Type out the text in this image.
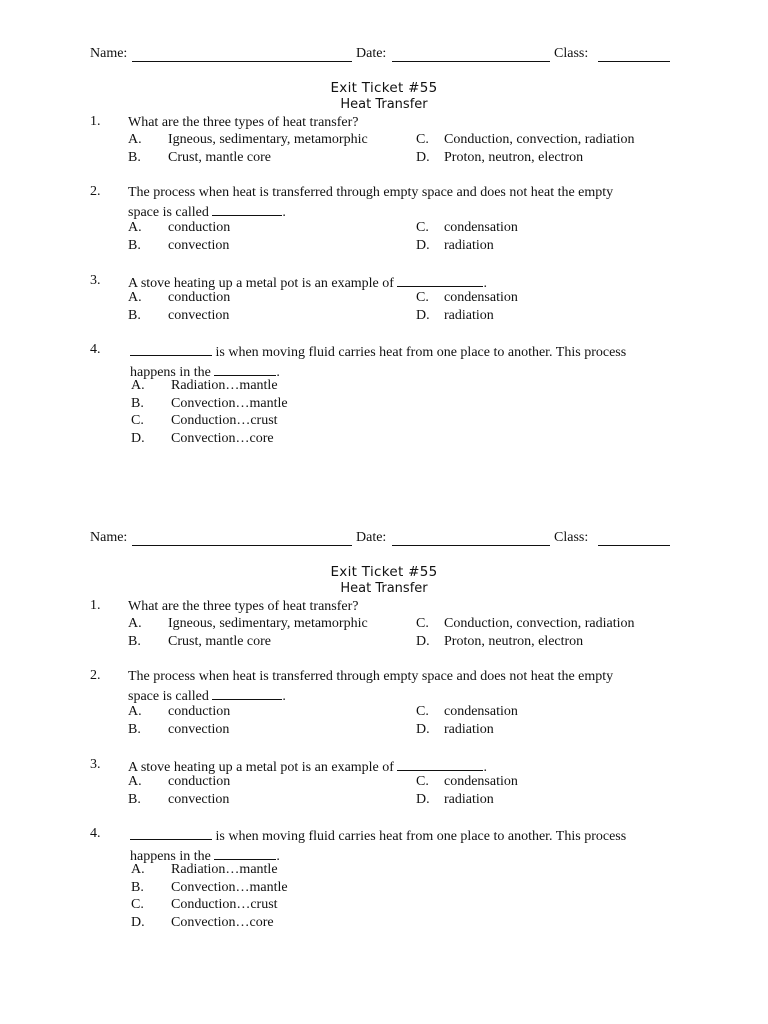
Name:	Date:	Class:
Exit Ticket #55
Heat Transfer
1. What are the three types of heat transfer?
A. Igneous, sedimentary, metamorphic
B. Crust, mantle core
C. Conduction, convection, radiation
D. Proton, neutron, electron
2. The process when heat is transferred through empty space and does not heat the empty
space is called	.
A. conduction
B. convection
C. condensation
D. radiation
3. A stove heating up a metal pot is an example of	.
A. conduction
B. convection
C. condensation
D. radiation
4.	is when moving fluid carries heat from one place to another. This process
happens in the	.
A. Radiation…mantle
B. Convection…mantle
C. Conduction…crust
D. Convection…core
Name:	Date:	Class:
Exit Ticket #55
Heat Transfer
1. What are the three types of heat transfer?
A. Igneous, sedimentary, metamorphic
B. Crust, mantle core
C. Conduction, convection, radiation
D. Proton, neutron, electron
2. The process when heat is transferred through empty space and does not heat the empty
space is called	.
A. conduction
B. convection
C. condensation
D. radiation
3. A stove heating up a metal pot is an example of	.
A. conduction
B. convection
C. condensation
D. radiation
4.	is when moving fluid carries heat from one place to another. This process
happens in the	.
A. Radiation…mantle
B. Convection…mantle
C. Conduction…crust
D. Convection…core
